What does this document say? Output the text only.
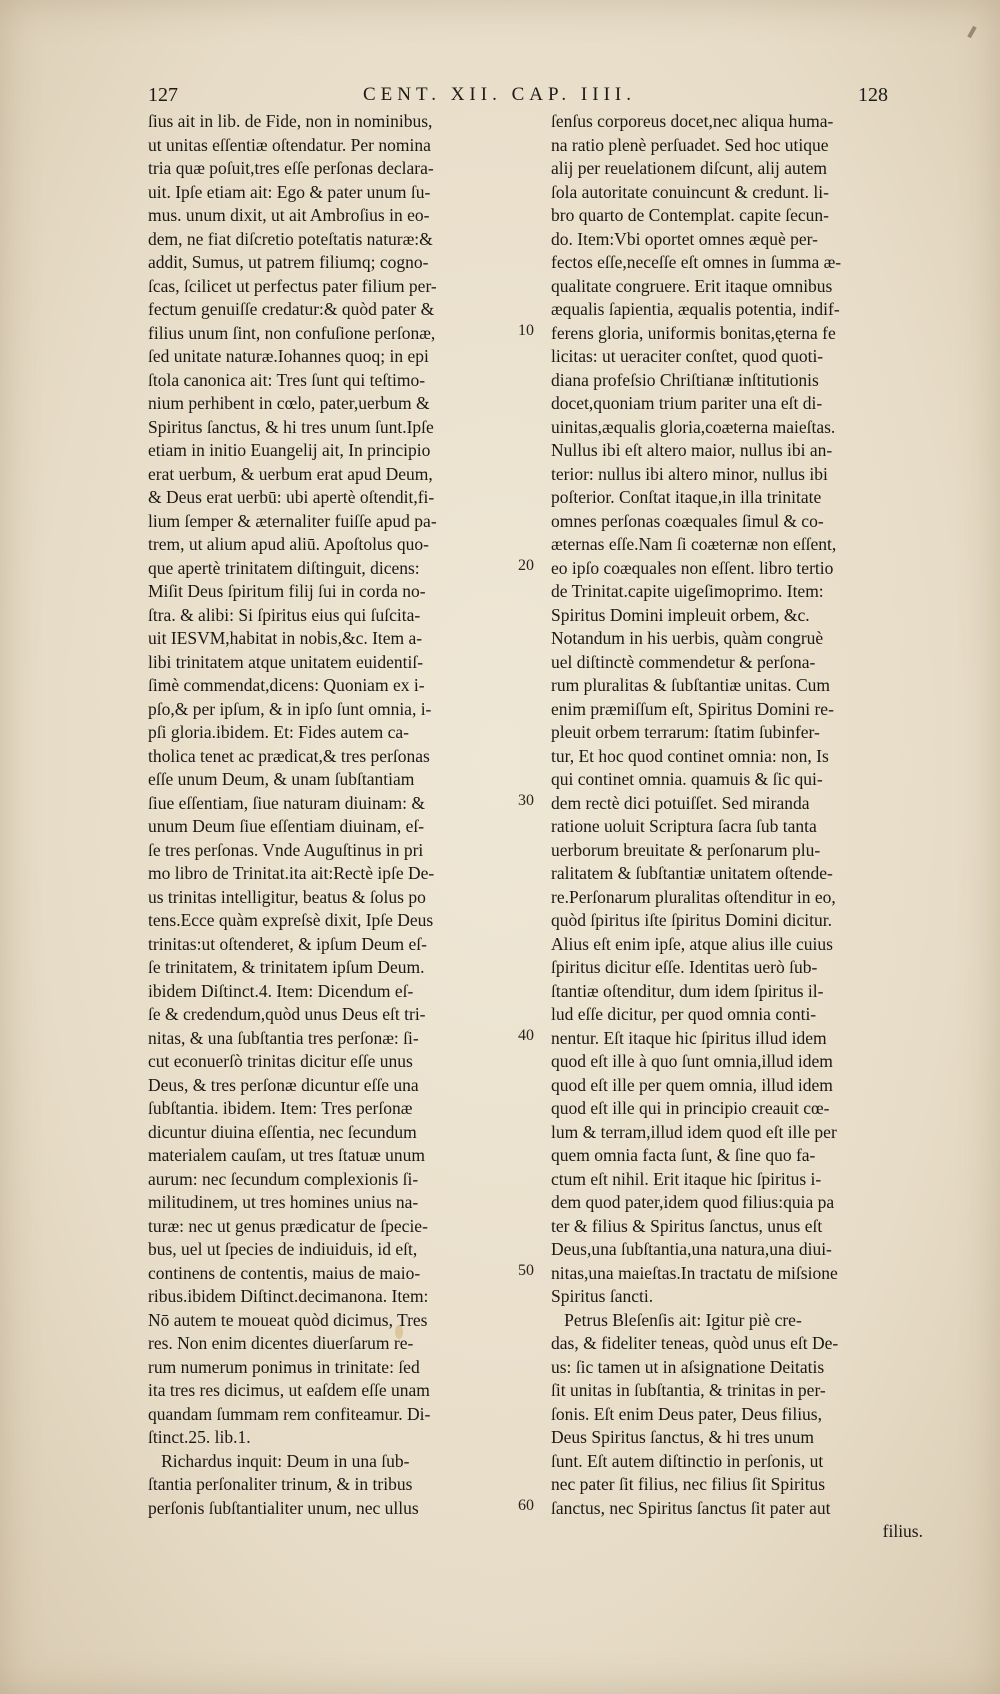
127	CENT. XII. CAP. IIII.	128
ſius ait in lib. de Fide, non in nominibus,
ut unitas eſſentiæ oſtendatur. Per nomina
tria quæ poſuit,tres eſſe perſonas declara-
uit. Ipſe etiam ait: Ego & pater unum ſu-
mus. unum dixit, ut ait Ambroſius in eo-
dem, ne fiat diſcretio poteſtatis naturæ:&
addit, Sumus, ut patrem filiumq; cogno-
ſcas, ſcilicet ut perfectus pater filium per-
fectum genuiſſe credatur:& quòd pater &
filius unum ſint, non confuſione perſonæ,
ſed unitate naturæ.Iohannes quoq; in epi
ſtola canonica ait: Tres ſunt qui teſtimo-
nium perhibent in cœlo, pater,uerbum &
Spiritus ſanctus, & hi tres unum ſunt.Ipſe
etiam in initio Euangelij ait, In principio
erat uerbum, & uerbum erat apud Deum,
& Deus erat uerbū: ubi apertè oſtendit,fi-
lium ſemper & æternaliter fuiſſe apud pa-
trem, ut alium apud aliū. Apoſtolus quo-
que apertè trinitatem diſtinguit, dicens:
Miſit Deus ſpiritum filij ſui in corda no-
ſtra. & alibi: Si ſpiritus eius qui ſuſcita-
uit IESVM,habitat in nobis,&c. Item a-
libi trinitatem atque unitatem euidentiſ-
ſimè commendat,dicens: Quoniam ex i-
pſo,& per ipſum, & in ipſo ſunt omnia, i-
pſi gloria.ibidem. Et: Fides autem ca-
tholica tenet ac prædicat,& tres perſonas
eſſe unum Deum, & unam ſubſtantiam
ſiue eſſentiam, ſiue naturam diuinam: &
unum Deum ſiue eſſentiam diuinam, eſ-
ſe tres perſonas. Vnde Auguſtinus in pri
mo libro de Trinitat.ita ait:Rectè ipſe De-
us trinitas intelligitur, beatus & ſolus po
tens.Ecce quàm expreſsè dixit, Ipſe Deus
trinitas:ut oſtenderet, & ipſum Deum eſ-
ſe trinitatem, & trinitatem ipſum Deum.
ibidem Diſtinct.4. Item: Dicendum eſ-
ſe & credendum,quòd unus Deus eſt tri-
nitas, & una ſubſtantia tres perſonæ: ſi-
cut econuerſò trinitas dicitur eſſe unus
Deus, & tres perſonæ dicuntur eſſe una
ſubſtantia. ibidem. Item: Tres perſonæ
dicuntur diuina eſſentia, nec ſecundum
materialem cauſam, ut tres ſtatuæ unum
aurum: nec ſecundum complexionis ſi-
militudinem, ut tres homines unius na-
turæ: nec ut genus prædicatur de ſpecie-
bus, uel ut ſpecies de indiuiduis, id eſt,
continens de contentis, maius de maio-
ribus.ibidem Diſtinct.decimanona. Item:
Nō autem te moueat quòd dicimus, Tres
res. Non enim dicentes diuerſarum re-
rum numerum ponimus in trinitate: ſed
ita tres res dicimus, ut eaſdem eſſe unam
quandam ſummam rem confiteamur. Di-
ſtinct.25. lib.1.
Richardus inquit: Deum in una ſub-
ſtantia perſonaliter trinum, & in tribus
perſonis ſubſtantialiter unum, nec ullus
10
20
30
40
50
60
ſenſus corporeus docet,nec aliqua huma-
na ratio plenè perſuadet. Sed hoc utique
alij per reuelationem diſcunt, alij autem
ſola autoritate conuincunt & credunt. li-
bro quarto de Contemplat. capite ſecun-
do. Item:Vbi oportet omnes æquè per-
fectos eſſe,neceſſe eſt omnes in ſumma æ-
qualitate congruere. Erit itaque omnibus
æqualis ſapientia, æqualis potentia, indif-
ferens gloria, uniformis bonitas,ęterna fe
licitas: ut ueraciter conſtet, quod quoti-
diana profeſsio Chriſtianæ inſtitutionis
docet,quoniam trium pariter una eſt di-
uinitas,æqualis gloria,coæterna maieſtas.
Nullus ibi eſt altero maior, nullus ibi an-
terior: nullus ibi altero minor, nullus ibi
poſterior. Conſtat itaque,in illa trinitate
omnes perſonas coæquales ſimul & co-
æternas eſſe.Nam ſi coæternæ non eſſent,
eo ipſo coæquales non eſſent. libro tertio
de Trinitat.capite uigeſimoprimo. Item:
Spiritus Domini impleuit orbem, &c.
Notandum in his uerbis, quàm congruè
uel diſtinctè commendetur & perſona-
rum pluralitas & ſubſtantiæ unitas. Cum
enim præmiſſum eſt, Spiritus Domini re-
pleuit orbem terrarum: ſtatim ſubinfer-
tur, Et hoc quod continet omnia: non, Is
qui continet omnia. quamuis & ſic qui-
dem rectè dici potuiſſet. Sed miranda
ratione uoluit Scriptura ſacra ſub tanta
uerborum breuitate & perſonarum plu-
ralitatem & ſubſtantiæ unitatem oſtende-
re.Perſonarum pluralitas oſtenditur in eo,
quòd ſpiritus iſte ſpiritus Domini dicitur.
Alius eſt enim ipſe, atque alius ille cuius
ſpiritus dicitur eſſe. Identitas uerò ſub-
ſtantiæ oſtenditur, dum idem ſpiritus il-
lud eſſe dicitur, per quod omnia conti-
nentur. Eſt itaque hic ſpiritus illud idem
quod eſt ille à quo ſunt omnia,illud idem
quod eſt ille per quem omnia, illud idem
quod eſt ille qui in principio creauit cœ-
lum & terram,illud idem quod eſt ille per
quem omnia facta ſunt, & ſine quo fa-
ctum eſt nihil. Erit itaque hic ſpiritus i-
dem quod pater,idem quod filius:quia pa
ter & filius & Spiritus ſanctus, unus eſt
Deus,una ſubſtantia,una natura,una diui-
nitas,una maieſtas.In tractatu de miſsione
Spiritus ſancti.
Petrus Bleſenſis ait: Igitur piè cre-
das, & fideliter teneas, quòd unus eſt De-
us: ſic tamen ut in aſsignatione Deitatis
ſit unitas in ſubſtantia, & trinitas in per-
ſonis. Eſt enim Deus pater, Deus filius,
Deus Spiritus ſanctus, & hi tres unum
ſunt. Eſt autem diſtinctio in perſonis, ut
nec pater ſit filius, nec filius ſit Spiritus
ſanctus, nec Spiritus ſanctus ſit pater aut
filius.
